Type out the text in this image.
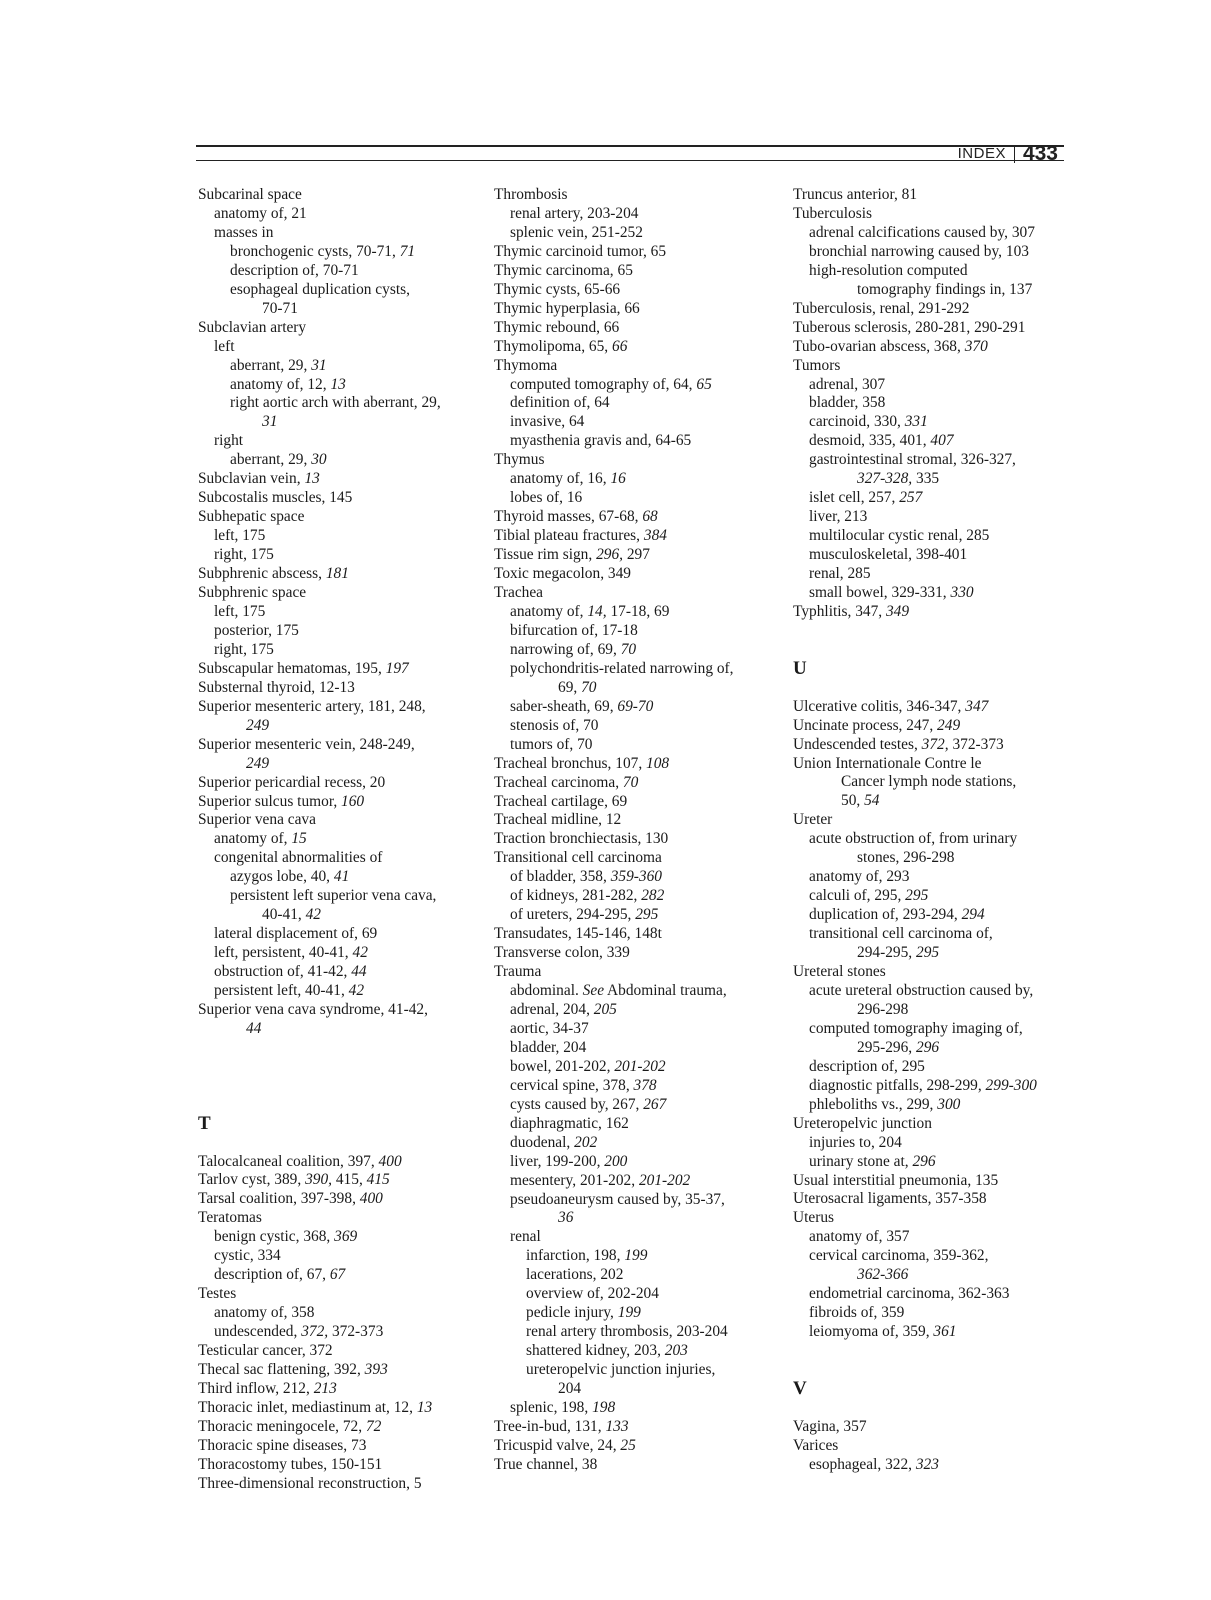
INDEX 433
Subcarinal space
anatomy of, 21
masses in
bronchogenic cysts, 70-71, 71
description of, 70-71
esophageal duplication cysts,
70-71
Subclavian artery
left
aberrant, 29, 31
anatomy of, 12, 13
right aortic arch with aberrant, 29,
31
right
aberrant, 29, 30
Subclavian vein, 13
Subcostalis muscles, 145
Subhepatic space
left, 175
right, 175
Subphrenic abscess, 181
Subphrenic space
left, 175
posterior, 175
right, 175
Subscapular hematomas, 195, 197
Substernal thyroid, 12-13
Superior mesenteric artery, 181, 248,
249
Superior mesenteric vein, 248-249,
249
Superior pericardial recess, 20
Superior sulcus tumor, 160
Superior vena cava
anatomy of, 15
congenital abnormalities of
azygos lobe, 40, 41
persistent left superior vena cava,
40-41, 42
lateral displacement of, 69
left, persistent, 40-41, 42
obstruction of, 41-42, 44
persistent left, 40-41, 42
Superior vena cava syndrome, 41-42,
44
T
Talocalcaneal coalition, 397, 400
Tarlov cyst, 389, 390, 415, 415
Tarsal coalition, 397-398, 400
Teratomas
benign cystic, 368, 369
cystic, 334
description of, 67, 67
Testes
anatomy of, 358
undescended, 372, 372-373
Testicular cancer, 372
Thecal sac flattening, 392, 393
Third inflow, 212, 213
Thoracic inlet, mediastinum at, 12, 13
Thoracic meningocele, 72, 72
Thoracic spine diseases, 73
Thoracostomy tubes, 150-151
Three-dimensional reconstruction, 5
Thrombosis
renal artery, 203-204
splenic vein, 251-252
Thymic carcinoid tumor, 65
Thymic carcinoma, 65
Thymic cysts, 65-66
Thymic hyperplasia, 66
Thymic rebound, 66
Thymolipoma, 65, 66
Thymoma
computed tomography of, 64, 65
definition of, 64
invasive, 64
myasthenia gravis and, 64-65
Thymus
anatomy of, 16, 16
lobes of, 16
Thyroid masses, 67-68, 68
Tibial plateau fractures, 384
Tissue rim sign, 296, 297
Toxic megacolon, 349
Trachea
anatomy of, 14, 17-18, 69
bifurcation of, 17-18
narrowing of, 69, 70
polychondritis-related narrowing of,
69, 70
saber-sheath, 69, 69-70
stenosis of, 70
tumors of, 70
Tracheal bronchus, 107, 108
Tracheal carcinoma, 70
Tracheal cartilage, 69
Tracheal midline, 12
Traction bronchiectasis, 130
Transitional cell carcinoma
of bladder, 358, 359-360
of kidneys, 281-282, 282
of ureters, 294-295, 295
Transudates, 145-146, 148t
Transverse colon, 339
Trauma
abdominal. See Abdominal trauma,
adrenal, 204, 205
aortic, 34-37
bladder, 204
bowel, 201-202, 201-202
cervical spine, 378, 378
cysts caused by, 267, 267
diaphragmatic, 162
duodenal, 202
liver, 199-200, 200
mesentery, 201-202, 201-202
pseudoaneurysm caused by, 35-37,
36
renal
infarction, 198, 199
lacerations, 202
overview of, 202-204
pedicle injury, 199
renal artery thrombosis, 203-204
shattered kidney, 203, 203
ureteropelvic junction injuries,
204
splenic, 198, 198
Tree-in-bud, 131, 133
Tricuspid valve, 24, 25
True channel, 38
Truncus anterior, 81
Tuberculosis
adrenal calcifications caused by, 307
bronchial narrowing caused by, 103
high-resolution computed
tomography findings in, 137
Tuberculosis, renal, 291-292
Tuberous sclerosis, 280-281, 290-291
Tubo-ovarian abscess, 368, 370
Tumors
adrenal, 307
bladder, 358
carcinoid, 330, 331
desmoid, 335, 401, 407
gastrointestinal stromal, 326-327,
327-328, 335
islet cell, 257, 257
liver, 213
multilocular cystic renal, 285
musculoskeletal, 398-401
renal, 285
small bowel, 329-331, 330
Typhlitis, 347, 349
U
Ulcerative colitis, 346-347, 347
Uncinate process, 247, 249
Undescended testes, 372, 372-373
Union Internationale Contre le
Cancer lymph node stations,
50, 54
Ureter
acute obstruction of, from urinary
stones, 296-298
anatomy of, 293
calculi of, 295, 295
duplication of, 293-294, 294
transitional cell carcinoma of,
294-295, 295
Ureteral stones
acute ureteral obstruction caused by,
296-298
computed tomography imaging of,
295-296, 296
description of, 295
diagnostic pitfalls, 298-299, 299-300
phleboliths vs., 299, 300
Ureteropelvic junction
injuries to, 204
urinary stone at, 296
Usual interstitial pneumonia, 135
Uterosacral ligaments, 357-358
Uterus
anatomy of, 357
cervical carcinoma, 359-362,
362-366
endometrial carcinoma, 362-363
fibroids of, 359
leiomyoma of, 359, 361
V
Vagina, 357
Varices
esophageal, 322, 323
